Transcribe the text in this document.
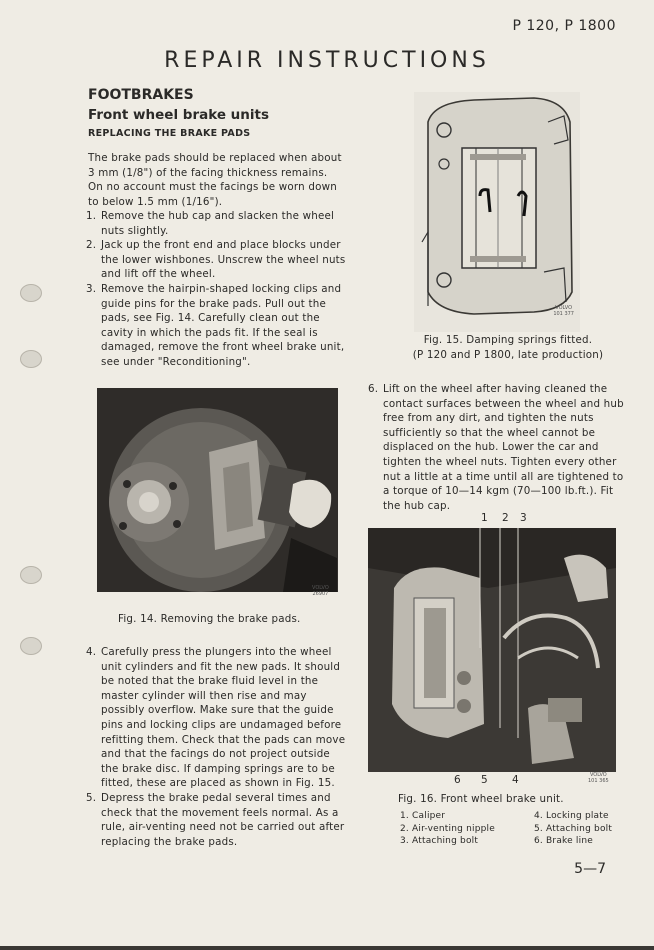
P 120, P 1800
REPAIR INSTRUCTIONS
FOOTBRAKES
Front wheel brake units
REPLACING THE BRAKE PADS
The brake pads should be replaced when about 3 mm (1/8") of the facing thickness remains. On no account must the facings be worn down to below 1.5 mm (1/16").
1. Remove the hub cap and slacken the wheel nuts slightly.
2. Jack up the front end and place blocks under the lower wishbones. Unscrew the wheel nuts and lift off the wheel.
3. Remove the hairpin-shaped locking clips and guide pins for the brake pads. Pull out the pads, see Fig. 14. Carefully clean out the cavity in which the pads fit. If the seal is damaged, remove the front wheel brake unit, see under "Reconditioning".
VOLVO
101 377
Fig. 15. Damping springs fitted.
(P 120 and P 1800, late production)
6. Lift on the wheel after having cleaned the contact surfaces between the wheel and hub free from any dirt, and tighten the nuts sufficiently so that the wheel cannot be displaced on the hub. Lower the car and tighten the wheel nuts. Tighten every other nut a little at a time until all are tightened to a torque of 10—14 kgm (70—100 lb.ft.). Fit the hub cap.
VOLVO
26907
Fig. 14. Removing the brake pads.
1 2 3
6 5 4	VOLVO
101 365
Fig. 16. Front wheel brake unit.
1. Caliper	4. Locking plate
2. Air-venting nipple	5. Attaching bolt
3. Attaching bolt	6. Brake line
4. Carefully press the plungers into the wheel unit cylinders and fit the new pads. It should be noted that the brake fluid level in the master cylinder will then rise and may possibly overflow. Make sure that the guide pins and locking clips are undamaged before refitting them. Check that the pads can move and that the facings do not project outside the brake disc. If damping springs are to be fitted, these are placed as shown in Fig. 15.
5. Depress the brake pedal several times and check that the movement feels normal. As a rule, air-venting need not be carried out after replacing the brake pads.
5—7
